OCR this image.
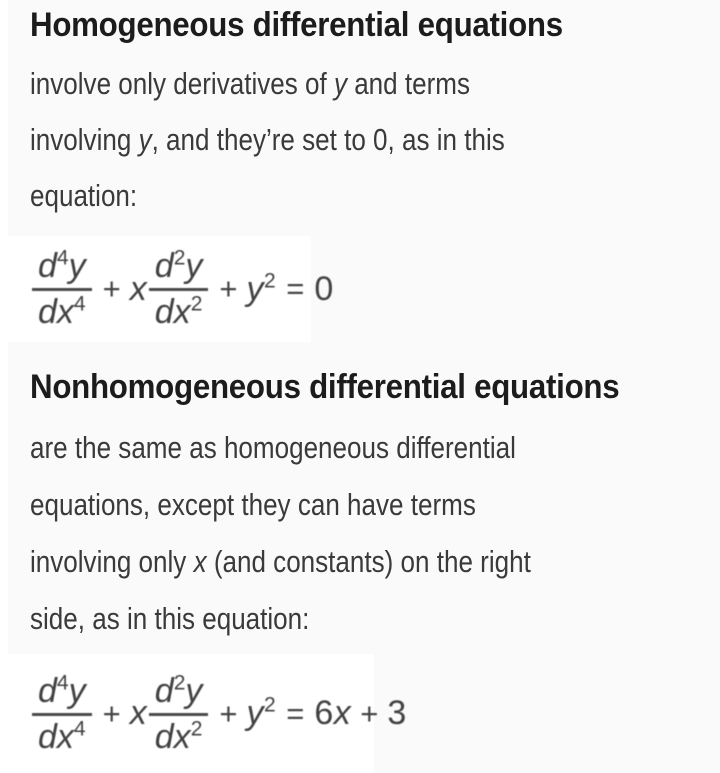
Homogeneous differential equations
involve only derivatives of y and terms
involving y, and they’re set to 0, as in this
equation:
$\frac{d^4y}{dx^4} + x \frac{d^2y}{dx^2} + y^2 = 0$
Nonhomogeneous differential equations
are the same as homogeneous differential
equations, except they can have terms
involving only x (and constants) on the right
side, as in this equation:
$\frac{d^4y}{dx^4} + x \frac{d^2y}{dx^2} + y^2 = 6x + 3$
